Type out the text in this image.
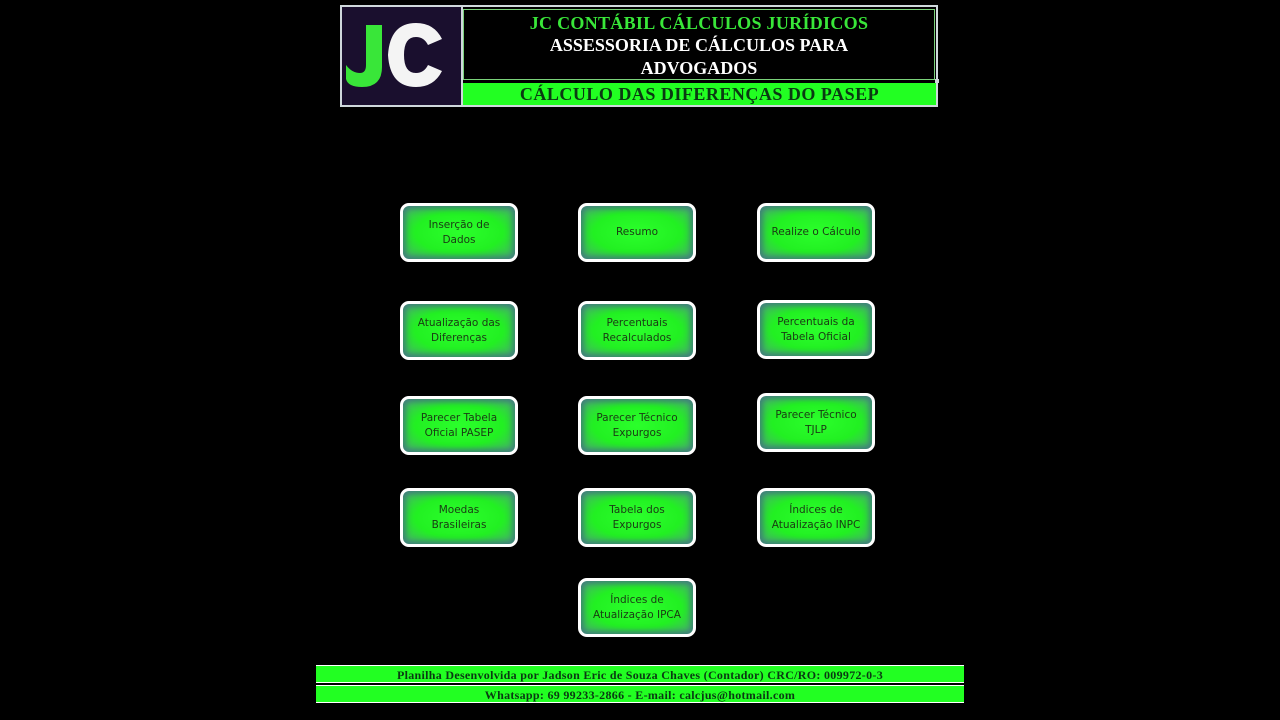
JC CONTÁBIL CÁLCULOS JURÍDICOS
ASSESSORIA DE CÁLCULOS PARA ADVOGADOS
CÁLCULO DAS DIFERENÇAS DO PASEP
Inserção de Dados
Resumo	Realize o Cálculo
Atualização das Diferenças
Percentuais Recalculados
Percentuais da Tabela Oficial
Parecer Tabela Oficial PASEP
Parecer Técnico Expurgos
Parecer Técnico TJLP
Moedas Brasileiras
Tabela dos Expurgos
Índices de Atualização INPC
Índices de Atualização IPCA
Planilha Desenvolvida por Jadson Eric de Souza Chaves (Contador) CRC/RO: 009972-0-3
Whatsapp: 69 99233-2866 - E-mail: calcjus@hotmail.com
